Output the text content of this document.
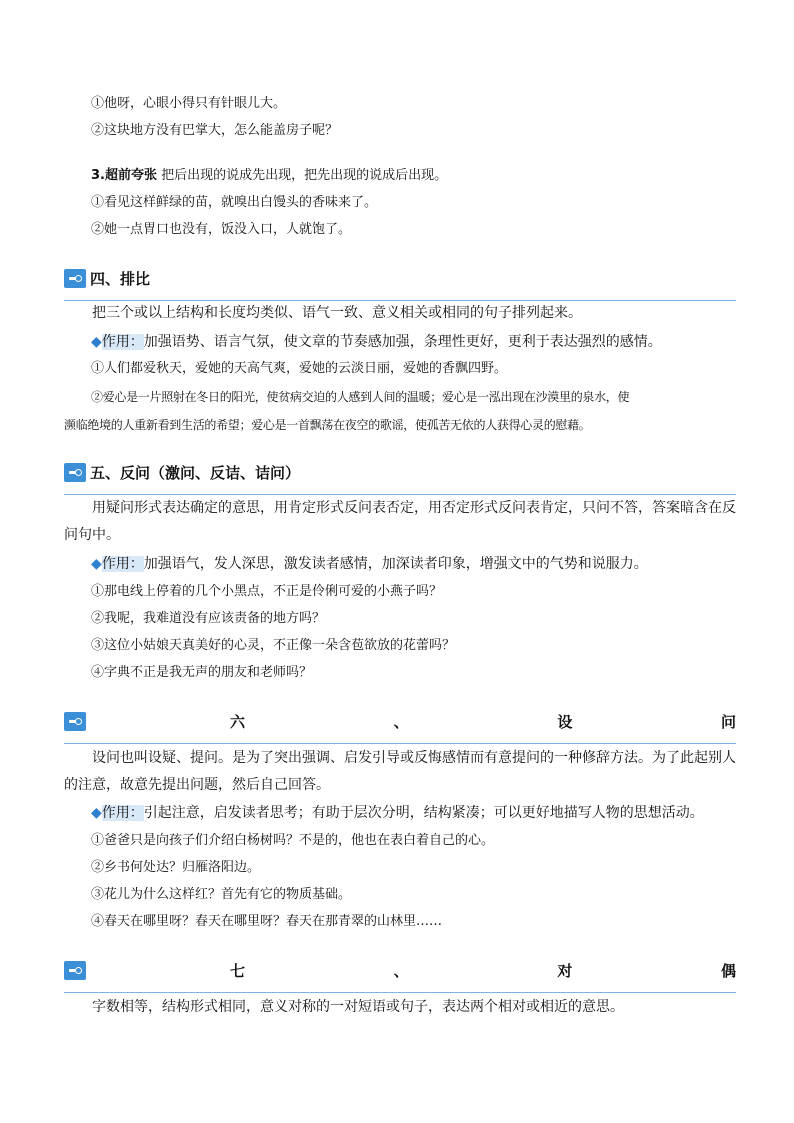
①他呀，心眼小得只有针眼儿大。
②这块地方没有巴掌大，怎么能盖房子呢？
3.超前夸张 把后出现的说成先出现，把先出现的说成后出现。
①看见这样鲜绿的苗，就嗅出白馒头的香味来了。
②她一点胃口也没有，饭没入口，人就饱了。
四、排比
把三个或以上结构和长度均类似、语气一致、意义相关或相同的句子排列起来。
◆作用：加强语势、语言气氛，使文章的节奏感加强，条理性更好，更利于表达强烈的感情。
①人们都爱秋天，爱她的天高气爽，爱她的云淡日丽，爱她的香飘四野。
②爱心是一片照射在冬日的阳光，使贫病交迫的人感到人间的温暖；爱心是一泓出现在沙漠里的泉水，使
濒临绝境的人重新看到生活的希望；爱心是一首飘荡在夜空的歌谣，使孤苦无依的人获得心灵的慰藉。
五、反问（激问、反诘、诘问）
用疑问形式表达确定的意思，用肯定形式反问表否定，用否定形式反问表肯定，只问不答，答案暗含在反问句中。
◆作用：加强语气，发人深思，激发读者感情，加深读者印象，增强文中的气势和说服力。
①那电线上停着的几个小黑点，不正是伶俐可爱的小燕子吗？
②我呢，我难道没有应该责备的地方吗？
③这位小姑娘天真美好的心灵，不正像一朵含苞欲放的花蕾吗？
④字典不正是我无声的朋友和老师吗？
六	、	设	问
设问也叫设疑、提问。是为了突出强调、启发引导或反悔感情而有意提问的一种修辞方法。为了此起别人的注意，故意先提出问题，然后自己回答。
◆作用：引起注意，启发读者思考；有助于层次分明，结构紧凑；可以更好地描写人物的思想活动。
①爸爸只是向孩子们介绍白杨树吗？不是的，他也在表白着自己的心。
②乡书何处达？归雁洛阳边。
③花儿为什么这样红？首先有它的物质基础。
④春天在哪里呀？春天在哪里呀？春天在那青翠的山林里……
七	、	对	偶
字数相等，结构形式相同，意义对称的一对短语或句子，表达两个相对或相近的意思。
